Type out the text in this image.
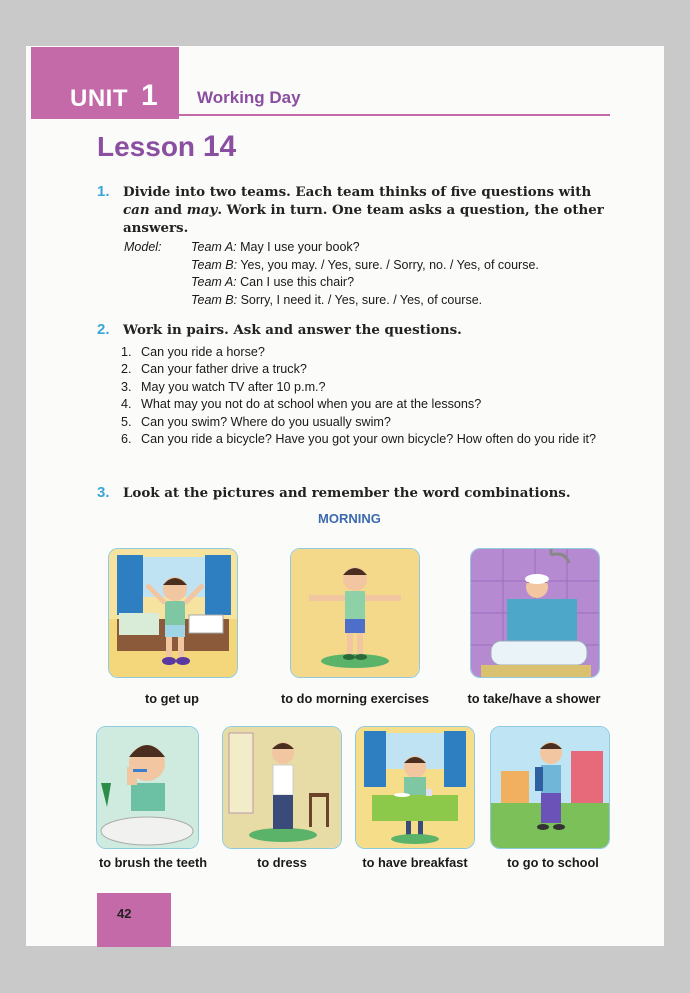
UNIT 1 Working Day
Lesson 14
1. Divide into two teams. Each team thinks of five questions with
can and may. Work in turn. One team asks a question, the other
answers.
Model: Team A: May I use your book?
Team B: Yes, you may. / Yes, sure. / Sorry, no. / Yes, of course.
Team A: Can I use this chair?
Team B: Sorry, I need it. / Yes, sure. / Yes, of course.
2. Work in pairs. Ask and answer the questions.
1. Can you ride a horse?
2. Can your father drive a truck?
3. May you watch TV after 10 p.m.?
4. What may you not do at school when you are at the lessons?
5. Can you swim? Where do you usually swim?
6. Can you ride a bicycle? Have you got your own bicycle? How often do you ride it?
3. Look at the pictures and remember the word combinations.
MORNING
to get up	to do morning exercises	to take/have a shower
to brush the teeth	to dress	to have breakfast	to go to school
42
